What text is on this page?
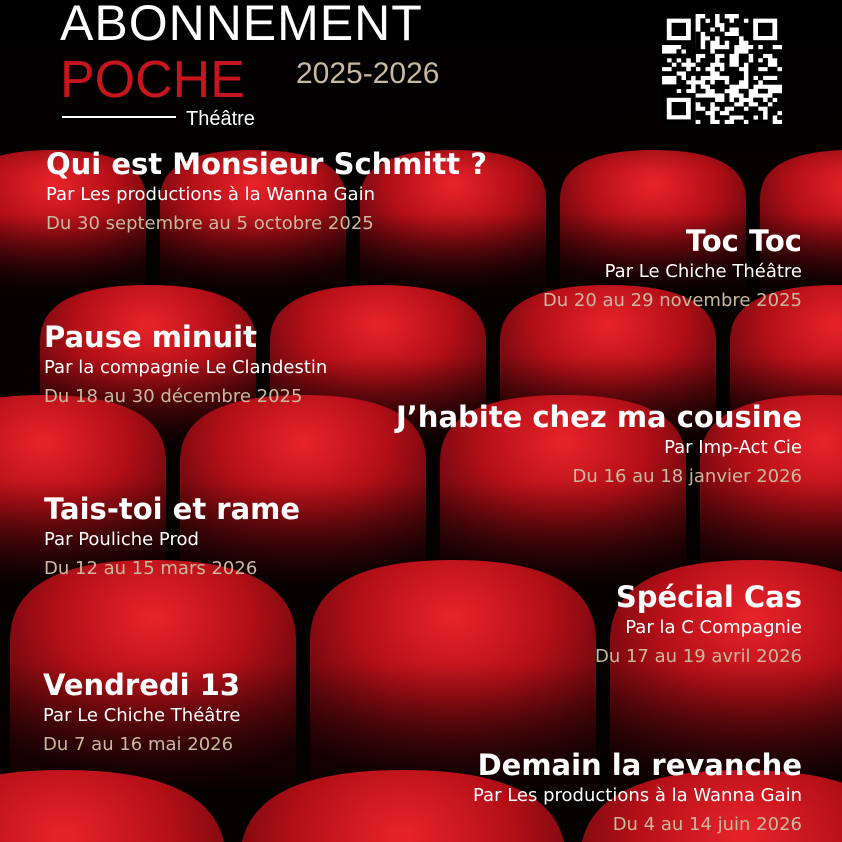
ABONNEMENT
POCHE 2025-2026
Théâtre
Qui est Monsieur Schmitt ?
Par Les productions à la Wanna Gain
Du 30 septembre au 5 octobre 2025
Toc Toc
Par Le Chiche Théâtre
Du 20 au 29 novembre 2025
Pause minuit
Par la compagnie Le Clandestin
Du 18 au 30 décembre 2025
J’habite chez ma cousine
Par Imp-Act Cie
Du 16 au 18 janvier 2026
Tais-toi et rame
Par Pouliche Prod
Du 12 au 15 mars 2026
Spécial Cas
Par la C Compagnie
Du 17 au 19 avril 2026
Vendredi 13
Par Le Chiche Théâtre
Du 7 au 16 mai 2026
Demain la revanche
Par Les productions à la Wanna Gain
Du 4 au 14 juin 2026
